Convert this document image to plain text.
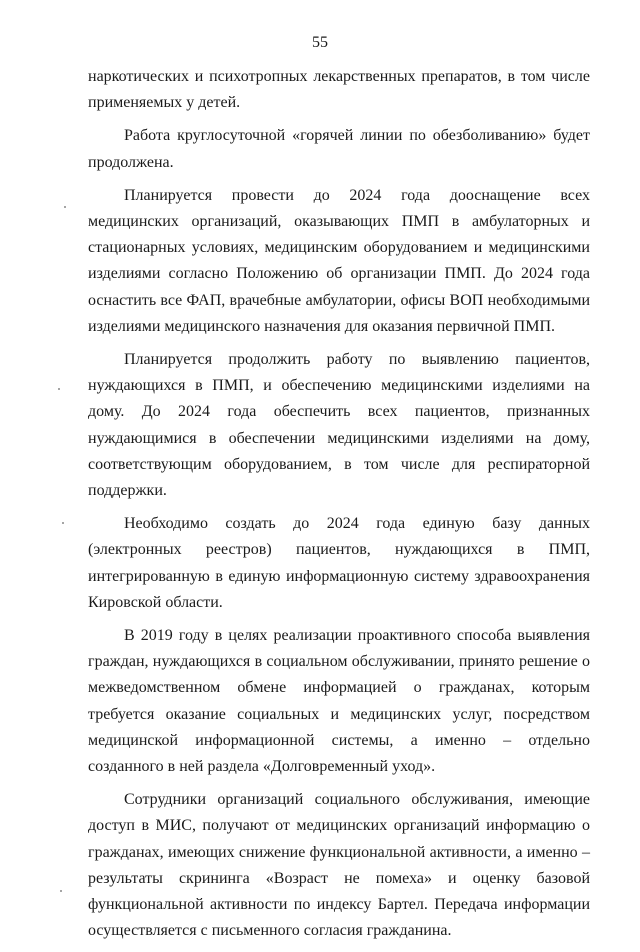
55

наркотических и психотропных лекарственных препаратов, в том числе применяемых у детей.

Работа круглосуточной «горячей линии по обезболиванию» будет продолжена.

Планируется провести до 2024 года дооснащение всех медицинских организаций, оказывающих ПМП в амбулаторных и стационарных условиях, медицинским оборудованием и медицинскими изделиями согласно Положению об организации ПМП. До 2024 года оснастить все ФАП, врачебные амбулатории, офисы ВОП необходимыми изделиями медицинского назначения для оказания первичной ПМП.

Планируется продолжить работу по выявлению пациентов, нуждающихся в ПМП, и обеспечению медицинскими изделиями на дому. До 2024 года обеспечить всех пациентов, признанных нуждающимися в обеспечении медицинскими изделиями на дому, соответствующим оборудованием, в том числе для респираторной поддержки.

Необходимо создать до 2024 года единую базу данных (электронных реестров) пациентов, нуждающихся в ПМП, интегрированную в единую информационную систему здравоохранения Кировской области.

В 2019 году в целях реализации проактивного способа выявления граждан, нуждающихся в социальном обслуживании, принято решение о межведомственном обмене информацией о гражданах, которым требуется оказание социальных и медицинских услуг, посредством медицинской информационной системы, а именно – отдельно созданного в ней раздела «Долговременный уход».

Сотрудники организаций социального обслуживания, имеющие доступ в МИС, получают от медицинских организаций информацию о гражданах, имеющих снижение функциональной активности, а именно – результаты скрининга «Возраст не помеха» и оценку базовой функциональной активности по индексу Бартел. Передача информации осуществляется с письменного согласия гражданина.
